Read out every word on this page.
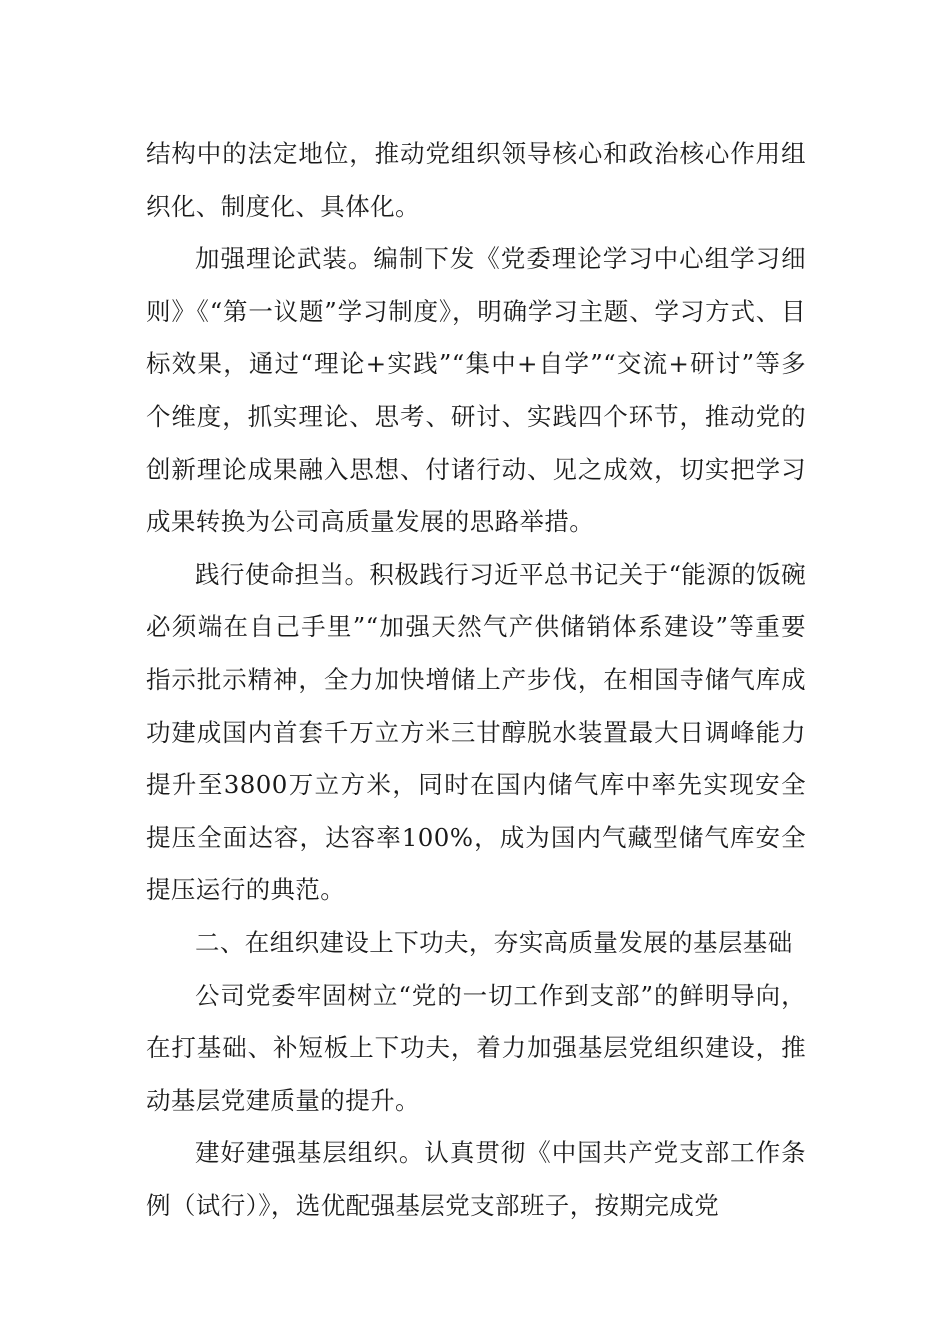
结构中的法定地位，推动党组织领导核心和政治核心作用组织化、制度化、具体化。

加强理论武装。编制下发《党委理论学习中心组学习细则》《“第一议题”学习制度》，明确学习主题、学习方式、目标效果，通过“理论+实践”“集中+自学”“交流+研讨”等多个维度，抓实理论、思考、研讨、实践四个环节，推动党的创新理论成果融入思想、付诸行动、见之成效，切实把学习成果转换为公司高质量发展的思路举措。

践行使命担当。积极践行习近平总书记关于“能源的饭碗必须端在自己手里”“加强天然气产供储销体系建设”等重要指示批示精神，全力加快增储上产步伐，在相国寺储气库成功建成国内首套千万立方米三甘醇脱水装置最大日调峰能力提升至3800万立方米，同时在国内储气库中率先实现安全提压全面达容，达容率100%，成为国内气藏型储气库安全提压运行的典范。

二、在组织建设上下功夫，夯实高质量发展的基层基础

公司党委牢固树立“党的一切工作到支部”的鲜明导向，在打基础、补短板上下功夫，着力加强基层党组织建设，推动基层党建质量的提升。

建好建强基层组织。认真贯彻《中国共产党支部工作条例（试行）》，选优配强基层党支部班子，按期完成党
